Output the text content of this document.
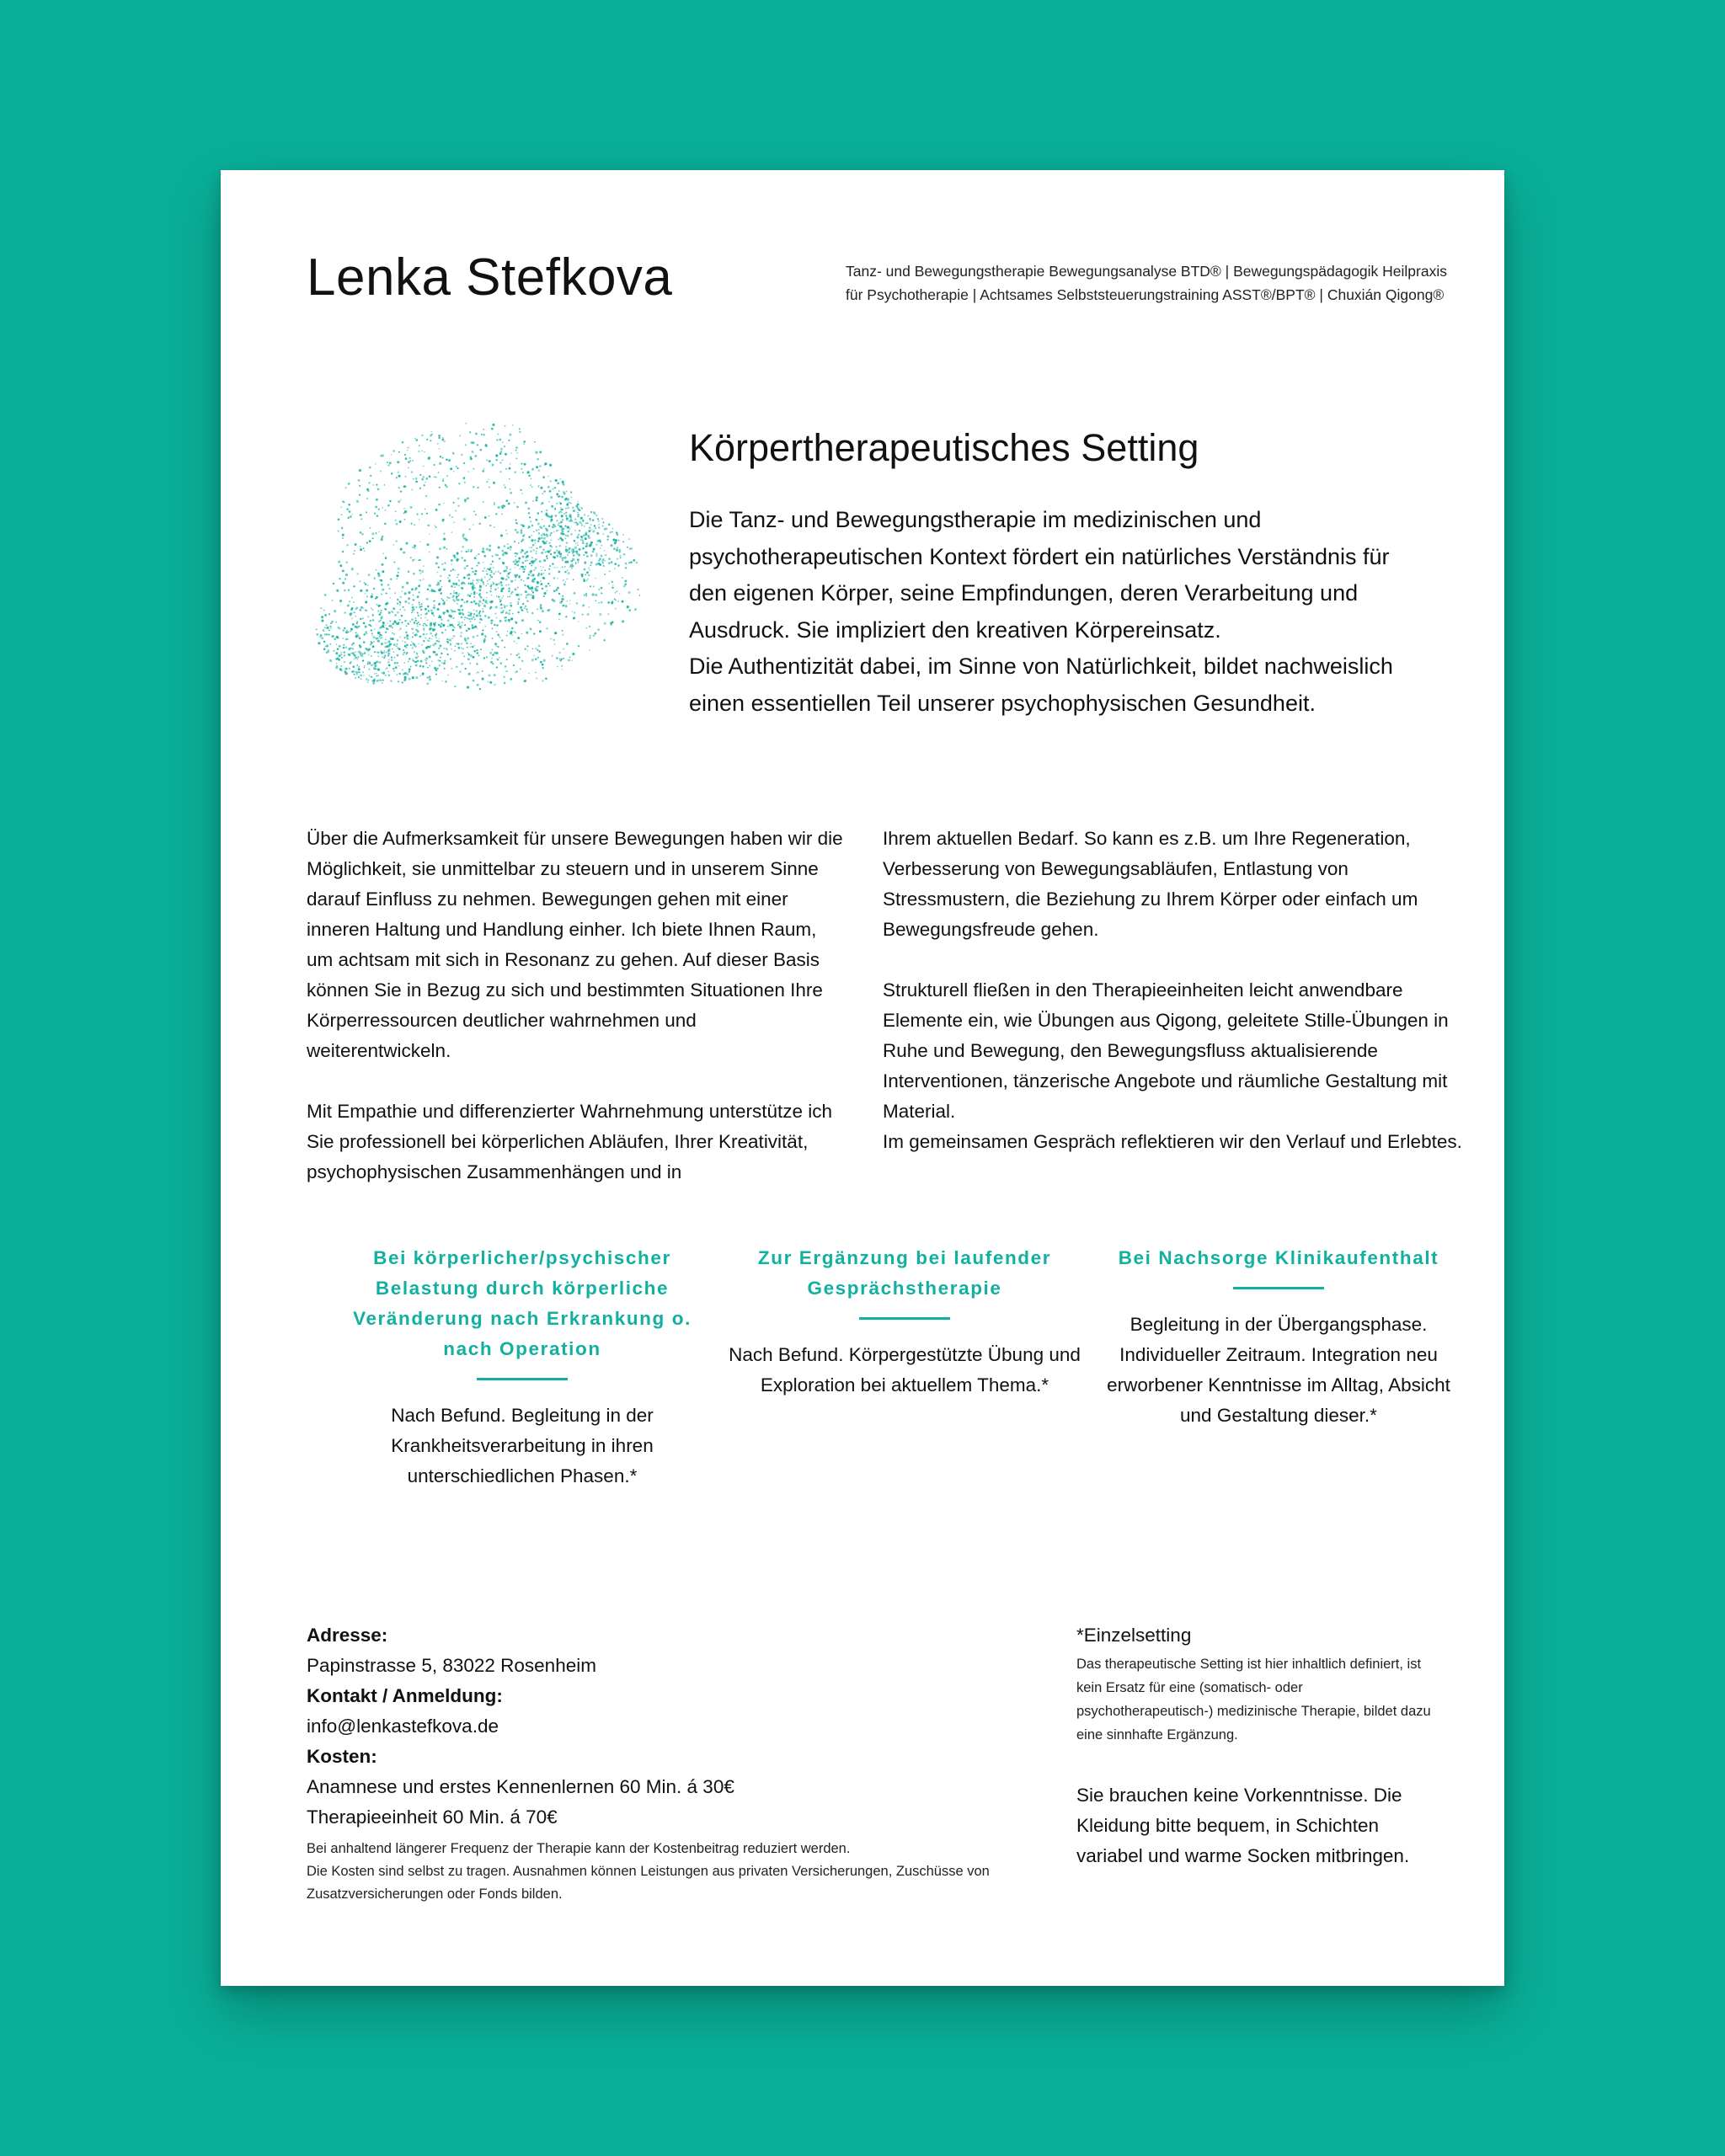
Lenka Stefkova	Tanz- und Bewegungstherapie Bewegungsanalyse BTD® | Bewegungspädagogik Heilpraxis für Psychotherapie | Achtsames Selbststeuerungstraining ASST®/BPT® | Chuxián Qigong®
Körpertherapeutisches Setting

Die Tanz- und Bewegungstherapie im medizinischen und psychotherapeutischen Kontext fördert ein natürliches Verständnis für den eigenen Körper, seine Empfindungen, deren Verarbeitung und Ausdruck. Sie impliziert den kreativen Körpereinsatz.

Die Authentizität dabei, im Sinne von Natürlichkeit, bildet nachweislich einen essentiellen Teil unserer psychophysischen Gesundheit.

Über die Aufmerksamkeit für unsere Bewegungen haben wir die Möglichkeit, sie unmittelbar zu steuern und in unserem Sinne darauf Einfluss zu nehmen. Bewegungen gehen mit einer inneren Haltung und Handlung einher. Ich biete Ihnen Raum, um achtsam mit sich in Resonanz zu gehen. Auf dieser Basis können Sie in Bezug zu sich und bestimmten Situationen Ihre Körperressourcen deutlicher wahrnehmen und weiterentwickeln.

Mit Empathie und differenzierter Wahrnehmung unterstütze ich Sie professionell bei körperlichen Abläufen, Ihrer Kreativität, psychophysischen Zusammenhängen und in

Ihrem aktuellen Bedarf. So kann es z.B. um Ihre Regeneration, Verbesserung von Bewegungsabläufen, Entlastung von Stressmustern, die Beziehung zu Ihrem Körper oder einfach um Bewegungsfreude gehen.

Strukturell fließen in den Therapieeinheiten leicht anwendbare Elemente ein, wie Übungen aus Qigong, geleitete Stille-Übungen in Ruhe und Bewegung, den Bewegungsfluss aktualisierende Interventionen, tänzerische Angebote und räumliche Gestaltung mit Material.

Im gemeinsamen Gespräch reflektieren wir den Verlauf und Erlebtes.

Bei körperlicher/psychischer Belastung durch körperliche Veränderung nach Erkrankung o. nach Operation
Nach Befund. Begleitung in der Krankheitsverarbeitung in ihren unterschiedlichen Phasen.*
Zur Ergänzung bei laufender Gesprächstherapie
Nach Befund. Körpergestützte Übung und Exploration bei aktuellem Thema.*
Bei Nachsorge Klinikaufenthalt
Begleitung in der Übergangsphase. Individueller Zeitraum. Integration neu erworbener Kenntnisse im Alltag, Absicht und Gestaltung dieser.*
Adresse:
Papinstrasse 5, 83022 Rosenheim
Kontakt / Anmeldung:
info@lenkastefkova.de
Kosten:
Anamnese und erstes Kennenlernen 60 Min. á 30€
Therapieeinheit 60 Min. á 70€
Bei anhaltend längerer Frequenz der Therapie kann der Kostenbeitrag reduziert werden.
Die Kosten sind selbst zu tragen. Ausnahmen können Leistungen aus privaten Versicherungen, Zuschüsse von Zusatzversicherungen oder Fonds bilden.
*Einzelsetting
Das therapeutische Setting ist hier inhaltlich definiert, ist kein Ersatz für eine (somatisch- oder psychotherapeutisch-) medizinische Therapie, bildet dazu eine sinnhafte Ergänzung.
Sie brauchen keine Vorkenntnisse. Die Kleidung bitte bequem, in Schichten variabel und warme Socken mitbringen.
